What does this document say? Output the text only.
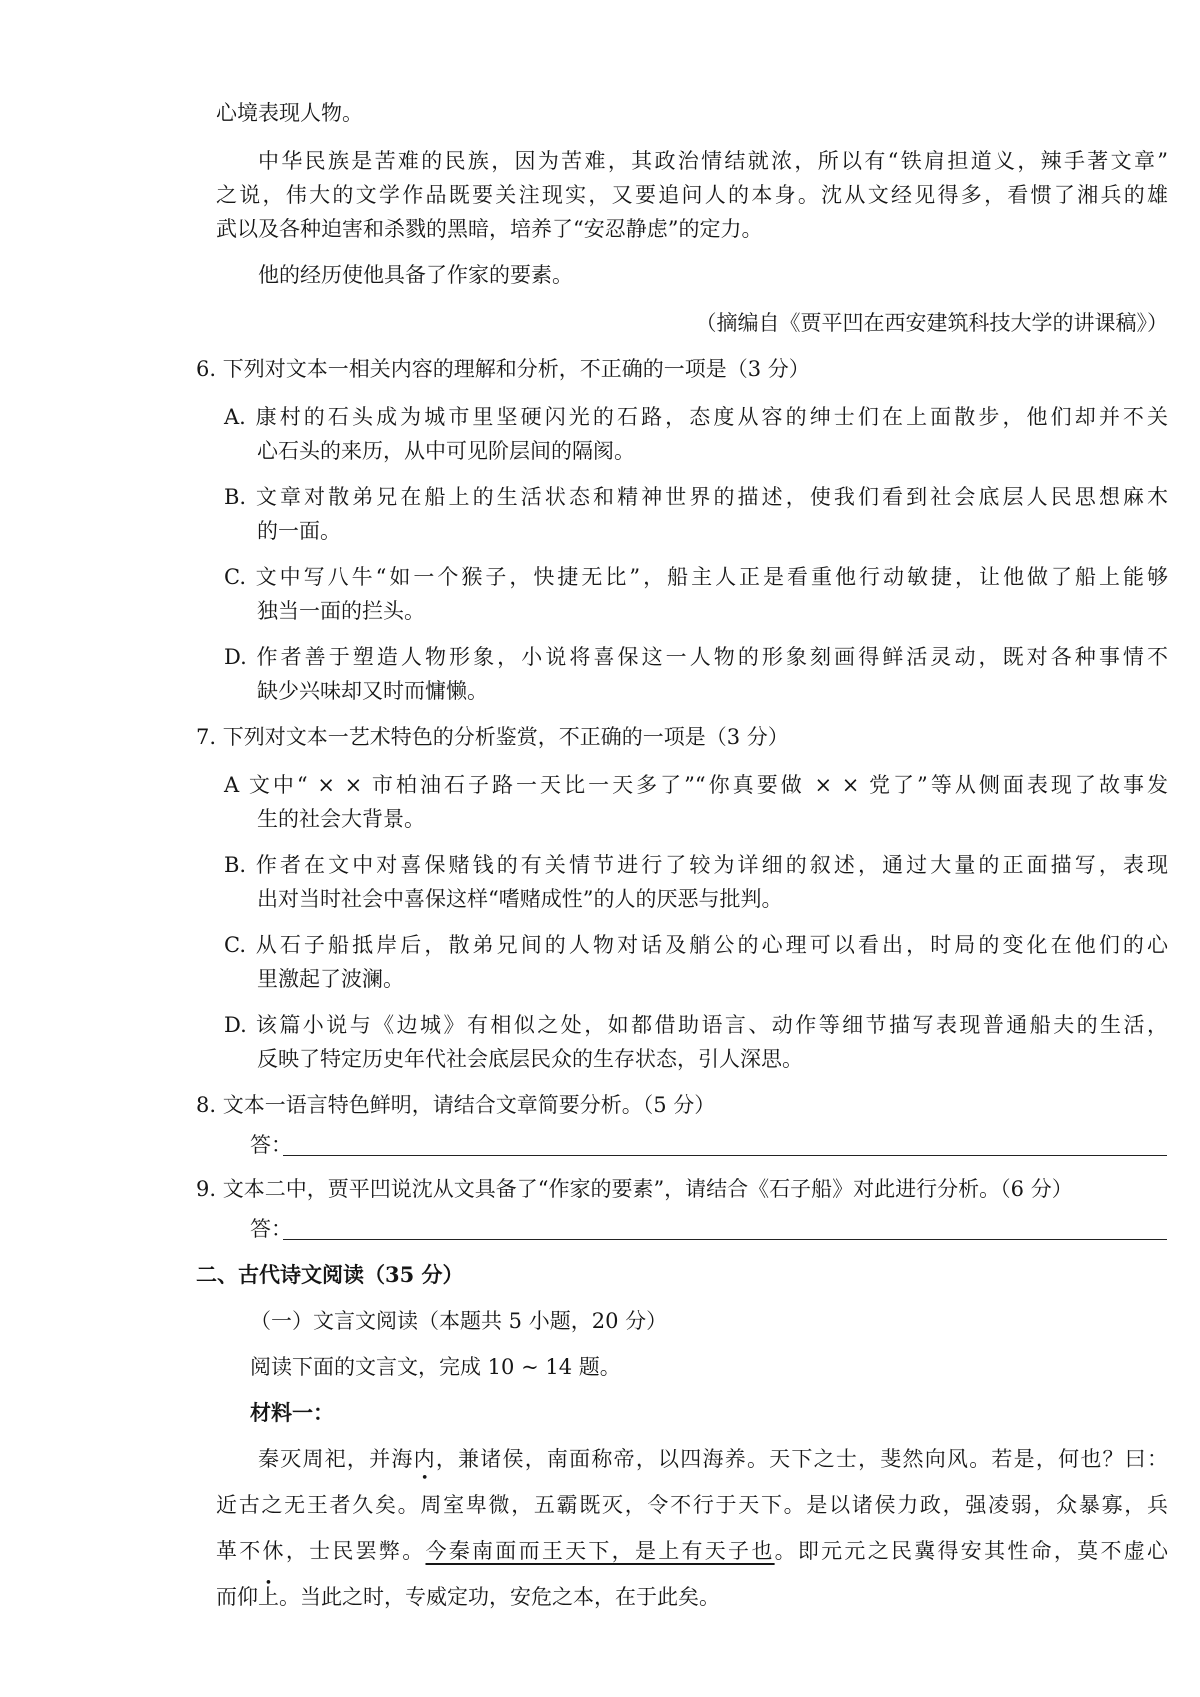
心境表现人物。
中华民族是苦难的民族，因为苦难，其政治情结就浓，所以有“铁肩担道义，辣手著文章”
之说，伟大的文学作品既要关注现实，又要追问人的本身。沈从文经见得多，看惯了湘兵的雄
武以及各种迫害和杀戮的黑暗，培养了“安忍静虑”的定力。
他的经历使他具备了作家的要素。
（摘编自《贾平凹在西安建筑科技大学的讲课稿》）
6. 下列对文本一相关内容的理解和分析，不正确的一项是（3 分）
A. 康村的石头成为城市里坚硬闪光的石路，态度从容的绅士们在上面散步，他们却并不关
心石头的来历，从中可见阶层间的隔阂。
B. 文章对散弟兄在船上的生活状态和精神世界的描述，使我们看到社会底层人民思想麻木
的一面。
C. 文中写八牛“如一个猴子，快捷无比”，船主人正是看重他行动敏捷，让他做了船上能够
独当一面的拦头。
D. 作者善于塑造人物形象，小说将喜保这一人物的形象刻画得鲜活灵动，既对各种事情不
缺少兴味却又时而慵懒。
7. 下列对文本一艺术特色的分析鉴赏，不正确的一项是（3 分）
A 文中“ × × 市柏油石子路一天比一天多了”“你真要做 × × 党了”等从侧面表现了故事发
生的社会大背景。
B. 作者在文中对喜保赌钱的有关情节进行了较为详细的叙述，通过大量的正面描写，表现
出对当时社会中喜保这样“嗜赌成性”的人的厌恶与批判。
C. 从石子船抵岸后，散弟兄间的人物对话及艄公的心理可以看出，时局的变化在他们的心
里激起了波澜。
D. 该篇小说与《边城》有相似之处，如都借助语言、动作等细节描写表现普通船夫的生活，
反映了特定历史年代社会底层民众的生存状态，引人深思。
8. 文本一语言特色鲜明，请结合文章简要分析。（5 分）
答：
9. 文本二中，贾平凹说沈从文具备了“作家的要素”，请结合《石子船》对此进行分析。（6 分）
答：
二、古代诗文阅读（35 分）
（一）文言文阅读（本题共 5 小题，20 分）
阅读下面的文言文，完成 10 ~ 14 题。
材料一：
秦灭周祀，并海内，兼诸侯，南面称帝，以四海养。天下之士，斐然向风。若是，何也？曰：
近古之无王者久矣。周室卑微，五霸既灭，令不行于天下。是以诸侯力政，强凌弱，众暴寡，兵
革不休，士民罢弊。今秦南面而王天下，是上有天子也。即元元之民冀得安其性命，莫不虚心
而仰上。当此之时，专威定功，安危之本，在于此矣。
